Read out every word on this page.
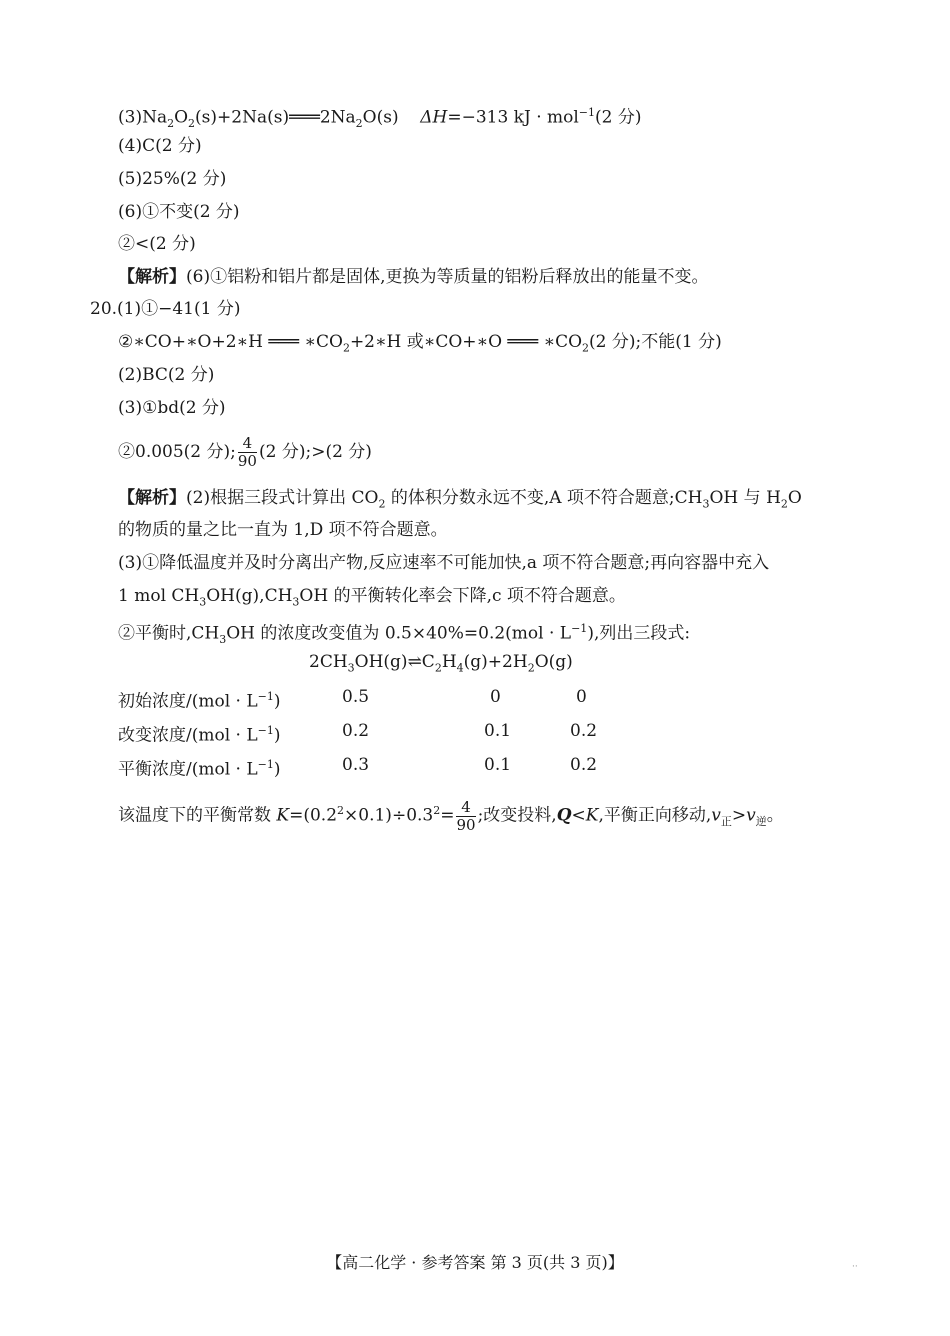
$(3)Na_2O_2(s)+2Na(s)═══2Na_2O(s)$ ΔH=−313 kJ · mol$^{-1}$(2 分)
(4)C(2 分)
(5)25%(2 分)
(6)①不变(2 分)
②<(2 分)
【解析】(6)①铝粉和铝片都是固体,更换为等质量的铝粉后释放出的能量不变。
20.(1)①−41(1 分)
②∗CO+∗O+2∗H ═══ $∗CO_2+2∗H$ 或∗CO+∗O ═══ $∗CO_2(2$ 分);不能(1 分)
(2)BC(2 分)
(3)①bd(2 分)
②0.005(2 分); $\frac{4}{90} (2$ 分);>(2 分)
【解析】(2)根据三段式计算出 $CO_2$ 的体积分数永远不变,A 项不符合题意$;CH_3OH$ 与 $H_2O$
的物质的量之比一直为 1,D 项不符合题意。
(3)①降低温度并及时分离出产物,反应速率不可能加快,a 项不符合题意;再向容器中充入
1 mol $CH_3OH(g),CH_3OH$ 的平衡转化率会下降,c 项不符合题意。
②平衡时$,CH_3OH$ 的浓度改变值为 $0.5\times 40\%=0.2(mol \cdot L^{-1})$,列出三段式:
$2CH_3OH(g)\rightleftharpoons C_2H_4(g)+2H_2O(g)$
初始浓度$/(mol \cdot L^{-1})$	0.5	0	0
改变浓度$/(mol \cdot L^{-1})$	0.2	0.1	0.2
平衡浓度$/(mol \cdot L^{-1})$	0.3	0.1	0.2
该温度下的平衡常数 $K=(0.2^2\times 0.1)\div 0.3^2= \frac{4}{90}$ ;改变投料,Q<K,平衡正向移动$,v_正>v_逆$。
【高二化学 · 参考答案 第 3 页(共 3 页)】	··
